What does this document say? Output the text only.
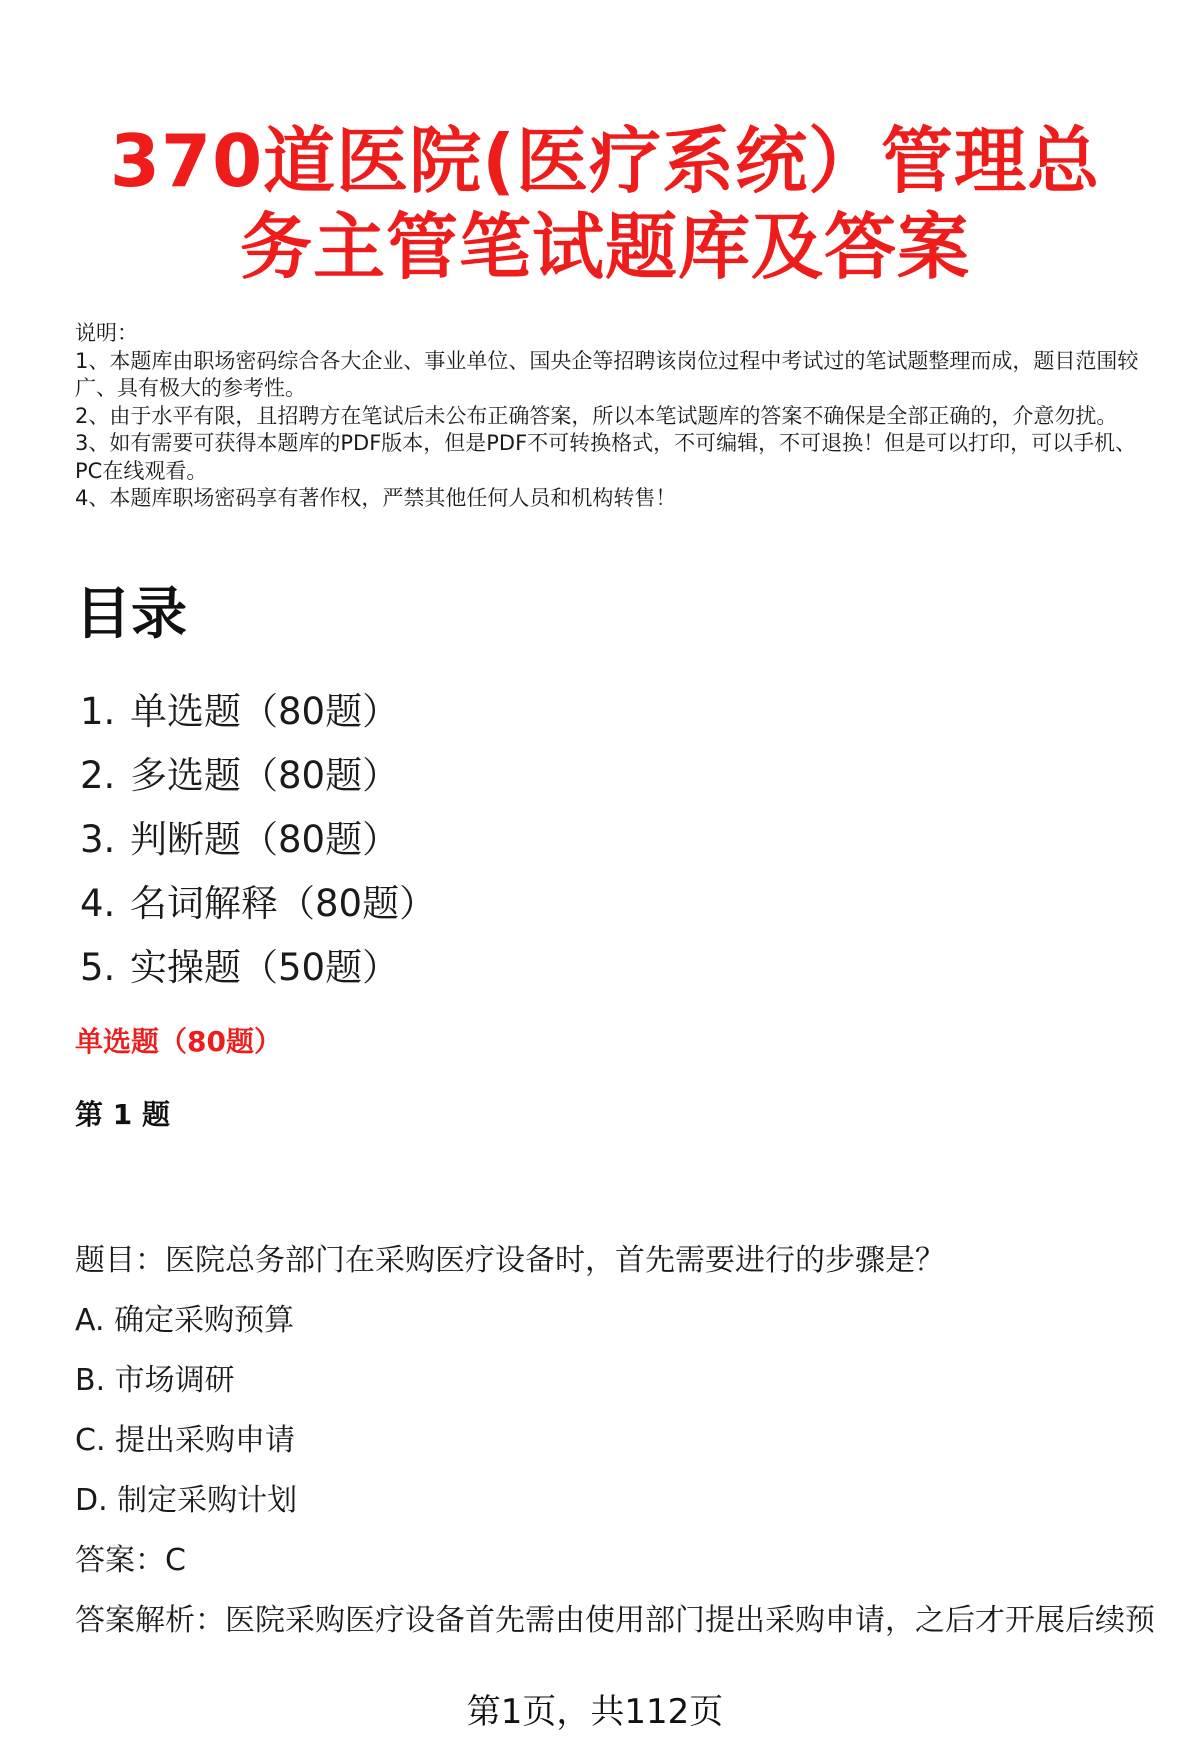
370道医院(医疗系统）管理总务主管笔试题库及答案

说明：

1、本题库由职场密码综合各大企业、事业单位、国央企等招聘该岗位过程中考试过的笔试题整理而成，题目范围较广、具有极大的参考性。

2、由于水平有限，且招聘方在笔试后未公布正确答案，所以本笔试题库的答案不确保是全部正确的，介意勿扰。

3、如有需要可获得本题库的PDF版本，但是PDF不可转换格式，不可编辑，不可退换！但是可以打印，可以手机、PC在线观看。

4、本题库职场密码享有著作权，严禁其他任何人员和机构转售！

目录
1. 单选题（80题）
2. 多选题（80题）
3. 判断题（80题）
4. 名词解释（80题）
5. 实操题（50题）
单选题（80题）
第 1 题
题目：医院总务部门在采购医疗设备时，首先需要进行的步骤是？
A. 确定采购预算
B. 市场调研
C. 提出采购申请
D. 制定采购计划
答案：C
答案解析：医院采购医疗设备首先需由使用部门提出采购申请，之后才开展后续预
第1页，共112页
